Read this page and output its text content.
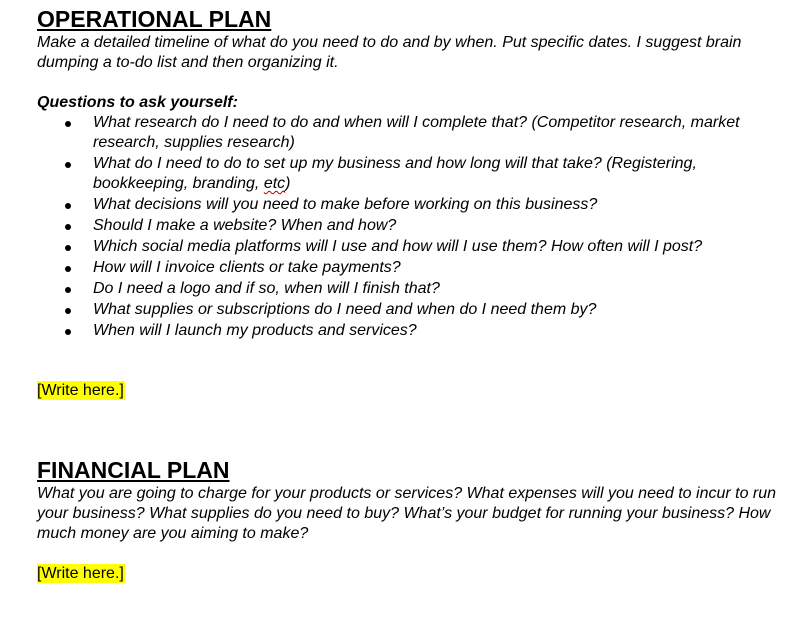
OPERATIONAL PLAN

Make a detailed timeline of what do you need to do and by when. Put specific dates. I suggest brain dumping a to-do list and then organizing it.

Questions to ask yourself:

What research do I need to do and when will I complete that? (Competitor research, market research, supplies research)
What do I need to do to set up my business and how long will that take? (Registering, bookkeeping, branding, etc)
What decisions will you need to make before working on this business?
Should I make a website? When and how?
Which social media platforms will I use and how will I use them? How often will I post?
How will I invoice clients or take payments?
Do I need a logo and if so, when will I finish that?
What supplies or subscriptions do I need and when do I need them by?
When will I launch my products and services?
[Write here.]
FINANCIAL PLAN

What you are going to charge for your products or services? What expenses will you need to incur to run your business? What supplies do you need to buy? What’s your budget for running your business? How much money are you aiming to make?

[Write here.]
